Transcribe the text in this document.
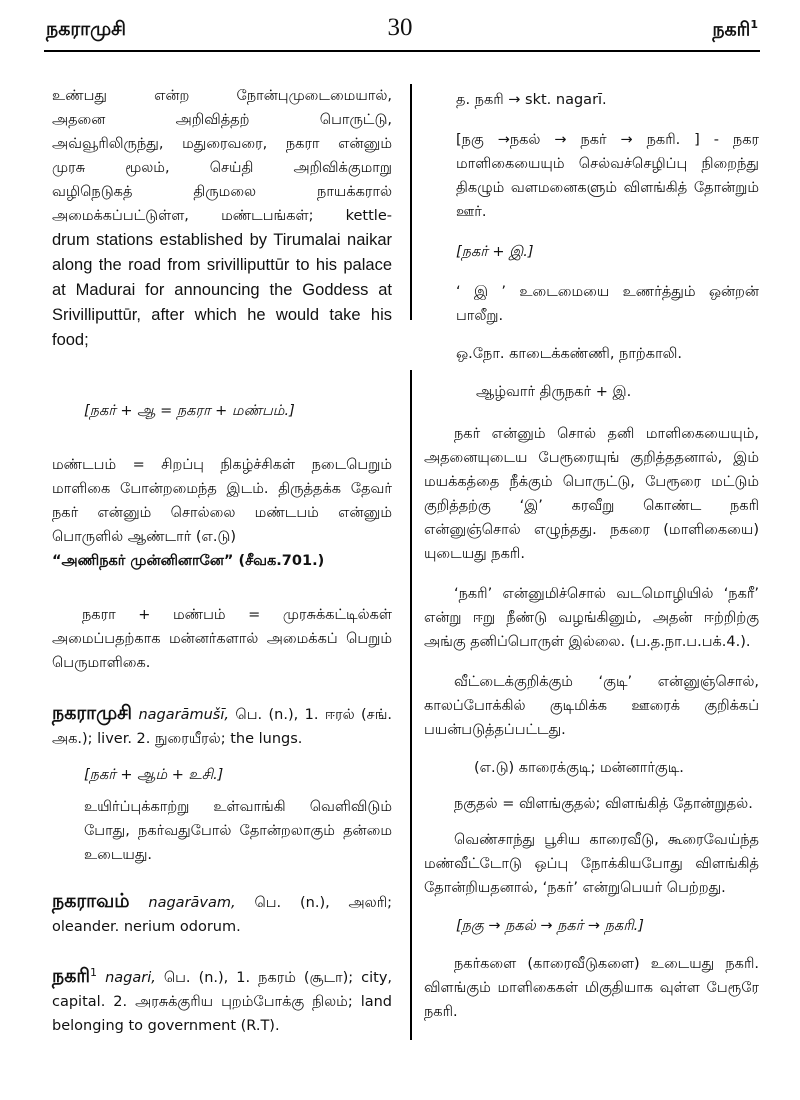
நகராமுசி	30	நகரி$^1$

உண்பது என்ற நோன்புமுடைமையால்,

அதனை அறிவித்தற் பொருட்டு,

அவ்வூரிலிருந்து, மதுரைவரை, நகரா என்னும்

முரசு மூலம், செய்தி அறிவிக்குமாறு

வழிநெடுகத் திருமலை நாயக்கரால்

அமைக்கப்பட்டுள்ள, மண்டபங்கள்; kettle-

drum stations established by Tirumalai naikar along the road from srivilliputtūr to his palace at Madurai for announcing the Goddess at Srivilliputtūr, after which he would take his food;

[நகர் + ஆ = நகரா + மண்பம்.]

மண்டபம் = சிறப்பு நிகழ்ச்சிகள் நடைபெறும் மாளிகை போன்றமைந்த இடம். திருத்தக்க தேவர் நகர் என்னும் சொல்லை மண்டபம் என்னும் பொருளில் ஆண்டார் (எ.டு)

“அணிநகர் முன்னினானே” (சீவக.701.)

நகரா + மண்பம் = முரசுக்கட்டில்கள் அமைப்பதற்காக மன்னர்களால் அமைக்கப் பெறும் பெருமாளிகை.

நகராமுசி nagarāmušī, பெ. (n.), 1. ஈரல் (சங். அக.); liver. 2. நுரையீரல்; the lungs.

[நகர் + ஆம் + உசி.]

உயிர்ப்புக்காற்று உள்வாங்கி வெளிவிடும் போது, நகர்வதுபோல் தோன்றலாகும் தன்மை உடையது.

நகராவம் nagarāvam, பெ. (n.), அலரி; oleander. nerium odorum.

நகரி$^1$ nagari, பெ. (n.), 1. நகரம் (சூடா); city, capital. 2. அரசுக்குரிய புறம்போக்கு நிலம்; land belonging to government (R.T).

த. நகரி → skt. nagarī.

[நகு →நகல் → நகர் → நகரி. ] - நகர மாளிகையையும் செல்வச்செழிப்பு நிறைந்து திகழும் வளமனைகளும் விளங்கித் தோன்றும் ஊர்.

[நகர் + இ.]

‘ இ ’ உடைமையை உணர்த்தும் ஒன்றன் பாலீறு.

ஒ.நோ. காடைக்கண்ணி, நாற்காலி.

ஆழ்வார் திருநகர் + இ.

நகர் என்னும் சொல் தனி மாளிகையையும், அதனையுடைய பேரூரையுங் குறித்ததனால், இம் மயக்கத்தை நீக்கும் பொருட்டு, பேரூரை மட்டும் குறித்தற்கு ‘இ’ கரவீறு கொண்ட நகரி என்னுஞ்சொல் எழுந்தது. நகரை (மாளிகையை) யுடையது நகரி.

‘நகரி’ என்னுமிச்சொல் வடமொழியில் ‘நகரீ’ என்று ஈறு நீண்டு வழங்கினும், அதன் ஈற்றிற்கு அங்கு தனிப்பொருள் இல்லை. (ப.த.நா.ப.பக்.4.).

வீட்டைக்குறிக்கும் ‘குடி’ என்னுஞ்சொல், காலப்போக்கில் குடிமிக்க ஊரைக் குறிக்கப் பயன்படுத்தப்பட்டது.

(எ.டு) காரைக்குடி; மன்னார்குடி.

நகுதல் = விளங்குதல்; விளங்கித் தோன்றுதல்.

வெண்சாந்து பூசிய காரைவீடு, கூரைவேய்ந்த மண்வீட்டோடு ஒப்பு நோக்கியபோது விளங்கித் தோன்றியதனால், ‘நகர்’ என்றுபெயர் பெற்றது.

[நகு → நகல் → நகர் → நகரி.]

நகர்களை (காரைவீடுகளை) உடையது நகரி. விளங்கும் மாளிகைகள் மிகுதியாக வுள்ள பேரூரே நகரி.
